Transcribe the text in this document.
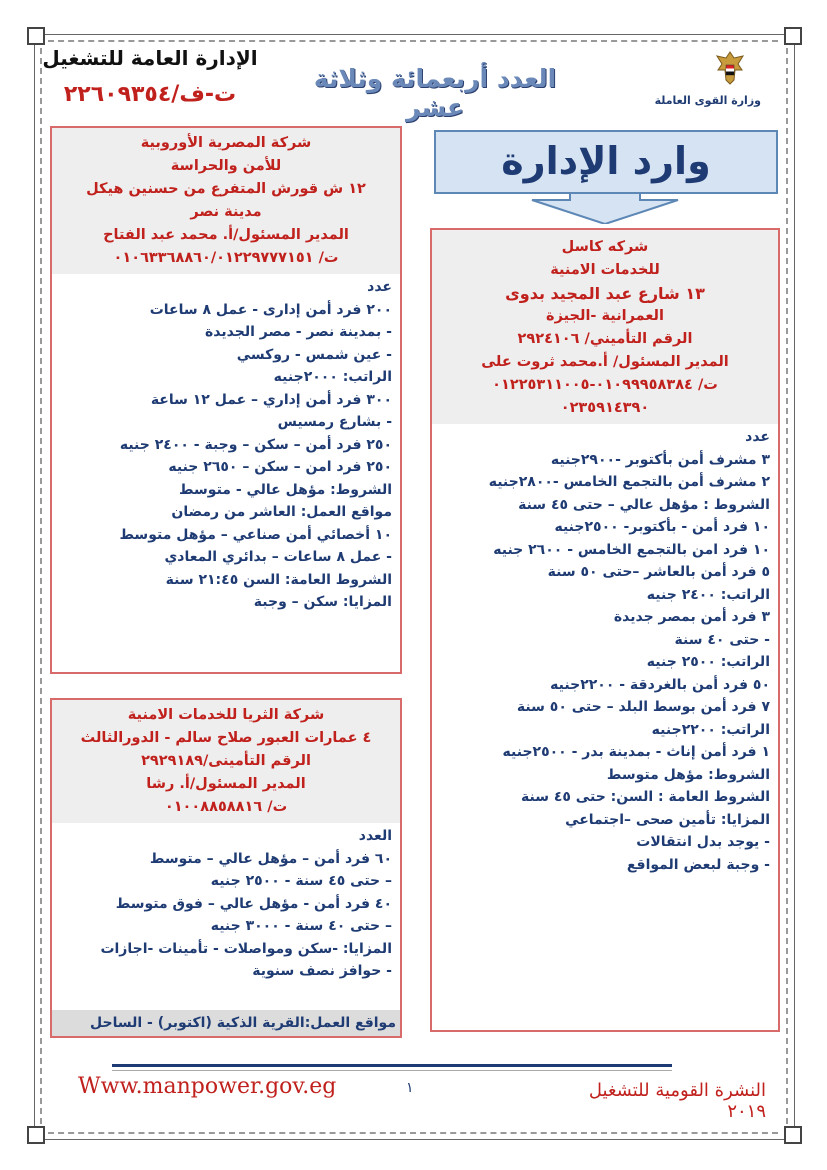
وزارة القوى العاملة
العدد أربعمائة وثلاثة عشر
الإدارة العامة للتشغيل
ت-ف/٢٢٦٠٩٣٥٤
وارد الإدارة
شركه كاسل
للخدمات الامنية
١٣ شارع عبد المجيد بدوى
العمرانية -الجيزة
الرقم التأميني/ ٢٩٢٤١٠٦
المدير المسئول/ أ.محمد ثروت على
ت/ ٠١٠٩٩٩٥٨٣٨٤-٠١٢٢٥٣١١٠٠٥
٠٢٣٥٩١٤٣٩٠
عدد
٣ مشرف أمن بأكتوبر -٢٩٠٠جنيه
٢ مشرف أمن بالتجمع الخامس -٢٨٠٠جنيه
الشروط : مؤهل عالي – حتى ٤٥ سنة
١٠ فرد أمن - بأكتوبر- ٢٥٠٠جنيه
١٠ فرد امن بالتجمع الخامس - ٢٦٠٠ جنيه
٥ فرد أمن بالعاشر –حتى ٥٠ سنة
الراتب: ٢٤٠٠ جنيه
٣ فرد أمن بمصر جديدة
- حتى ٤٠ سنة
الراتب: ٢٥٠٠ جنيه
٥٠ فرد أمن بالغردقة - ٢٢٠٠جنيه
٧ فرد أمن بوسط البلد – حتى ٥٠ سنة
الراتب: ٢٢٠٠جنيه
١ فرد أمن إناث - بمدينة بدر - ٢٥٠٠جنيه
الشروط: مؤهل متوسط
الشروط العامة : السن: حتى ٤٥ سنة
المزايا: تأمين صحى –اجتماعي
- يوجد بدل انتقالات
- وجبة لبعض المواقع
شركة المصرية الأوروبية
للأمن والحراسة
١٢ ش قورش المتفرع من حسنين هيكل
مدينة نصر
المدير المسئول/أ. محمد عبد الفتاح
ت/ ٠١٠٦٣٣٦٨٨٦٠/٠١٢٢٩٧٧٧١٥١
عدد
٢٠٠ فرد أمن إدارى - عمل ٨ ساعات
- بمدينة نصر - مصر الجديدة
- عين شمس - روكسي
الراتب: ٢٠٠٠جنيه
٣٠٠ فرد أمن إداري – عمل ١٢ ساعة
- بشارع رمسيس
٢٥٠ فرد أمن – سكن – وجبة - ٢٤٠٠ جنيه
٢٥٠ فرد امن – سكن – ٢٦٥٠ جنيه
الشروط: مؤهل عالي - متوسط
مواقع العمل: العاشر من رمضان
١٠ أخصائي أمن صناعي – مؤهل متوسط
- عمل ٨ ساعات – بدائري المعادي
الشروط العامة: السن ٢١:٤٥ سنة
المزايا: سكن – وجبة
شركة الثريا للخدمات الامنية
٤ عمارات العبور صلاح سالم - الدورالثالث
الرقم التأمينى/٢٩٢٩١٨٩
المدير المسئول/أ. رشا
ت/ ٠١٠٠٨٨٥٨٨١٦
العدد
٦٠ فرد أمن – مؤهل عالي – متوسط
– حتى ٤٥ سنة - ٢٥٠٠ جنيه
٤٠ فرد أمن - مؤهل عالي – فوق متوسط
– حتى ٤٠ سنة - ٣٠٠٠ جنيه
المزايا: -سكن ومواصلات - تأمينات -اجازات
- حوافز نصف سنوية
مواقع العمل:القرية الذكية (اكتوبر) - الساحل
Www.manpower.gov.eg	١	النشرة القومية للتشغيل ٢٠١٩
